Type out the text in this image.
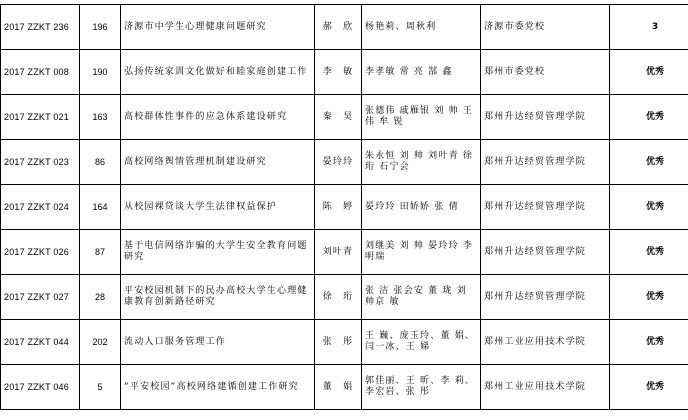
2017 ZZKT 236	196	济源市中学生心理健康问题研究	郝　欣	杨艳莉、周秋利	济源市委党校	3
2017 ZZKT 008	190	弘扬传统家训文化做好和睦家庭创建工作	李　敏	李孝敏 常 亮 郜 鑫	郑州市委党校	优秀
2017 ZZKT 021	163	高校群体性事件的应急体系建设研究	秦　昊	张德伟 戚雁银 刘 帅 王 伟 牟 锐	郑州升达经贸管理学院	优秀
2017 ZZKT 023	86	高校网络舆情管理机制建设研究	晏玲玲	朱永恒 刘 帅 刘叶青 徐 珩 石宁会	郑州升达经贸管理学院	优秀
2017 ZZKT 024	164	从校园裸贷谈大学生法律权益保护	陈　婷	晏玲玲 田娇娇 张 倩	郑州升达经贸管理学院	优秀
2017 ZZKT 026	87	基于电信网络诈骗的大学生安全教育问题研究	刘叶青	刘继美 刘 帅 晏玲玲 李明瑞	郑州升达经贸管理学院	优秀
2017 ZZKT 027	28	平安校园机制下的民办高校大学生心理健康教育创新路径研究	徐　珩	张 洁 张会安 董 珑 刘帅京 敏	郑州升达经贸管理学院	优秀
2017 ZZKT 044	202	流动人口服务管理工作	张　彤	王 巍、庞玉玲、董 娟、闫一冰、王 娣	郑州工业应用技术学院	优秀
2017 ZZKT 046	5	“平安校园”高校网络建循创建工作研究	董　娟	郭佳丽、王 昕、李 莉、李宏岩、张 彤	郑州工业应用技术学院	优秀
